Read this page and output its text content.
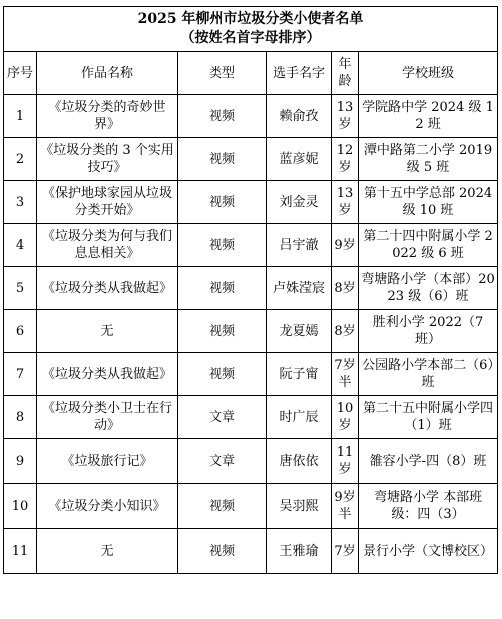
2025 年柳州市垃圾分类小使者名单
（按姓名首字母排序）					

序号	作品名称	类型	选手名字	年龄	学校班级
1	《垃圾分类的奇妙世界》	视频	赖俞孜	13岁	学院路中学 2024 级 12 班
2	《垃圾分类的 3 个实用技巧》	视频	蓝彦妮	12岁	潭中路第二小学 2019 级 5 班
3	《保护地球家园从垃圾分类开始》	视频	刘金灵	13岁	第十五中学总部 2024 级 10 班
4	《垃圾分类为何与我们息息相关》	视频	吕宇澈	9岁	第二十四中附属小学 2022 级 6 班
5	《垃圾分类从我做起》	视频	卢姝滢宸	8岁	弯塘路小学（本部）2023 级（6）班
6	无	视频	龙夏嫣	8岁	胜利小学 2022（7 班）
7	《垃圾分类从我做起》	视频	阮子甯	7岁半	公园路小学本部二（6）班
8	《垃圾分类小卫士在行动》	文章	时广辰	10岁	第二十五中附属小学四（1）班
9	《垃圾旅行记》	文章	唐依依	11岁	雒容小学-四（8）班
10	《垃圾分类小知识》	视频	吴羽熙	9岁半	弯塘路小学 本部班级：四（3）
11	无	视频	王雅瑜	7岁	景行小学（文博校区）
